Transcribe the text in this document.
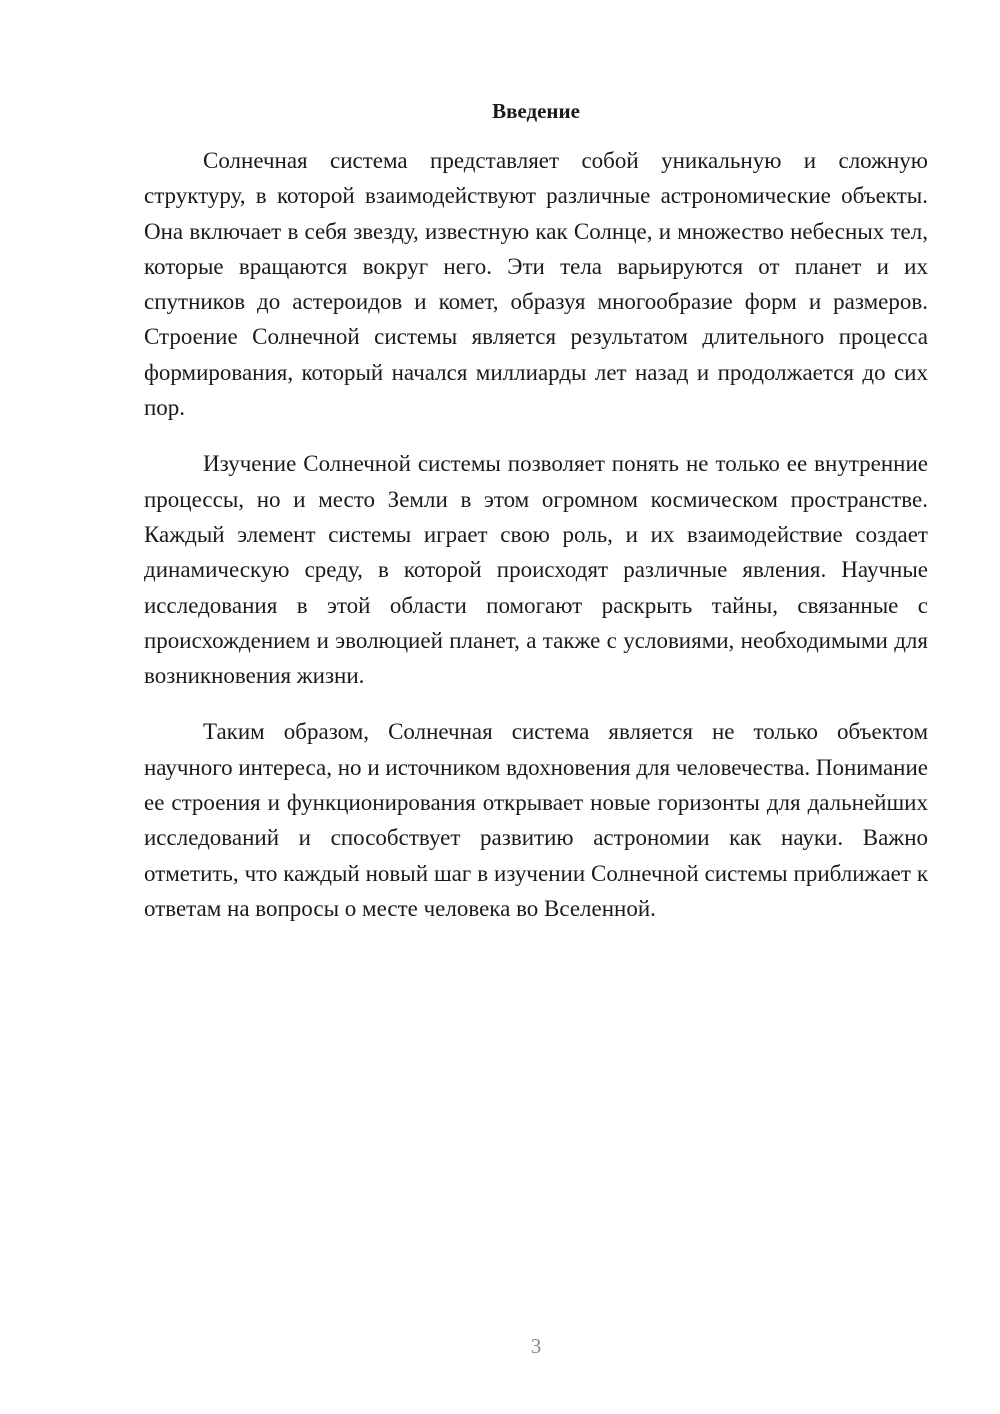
Введение

Солнечная система представляет собой уникальную и сложную структуру, в которой взаимодействуют различные астрономические объекты. Она включает в себя звезду, известную как Солнце, и множество небесных тел, которые вращаются вокруг него. Эти тела варьируются от планет и их спутников до астероидов и комет, образуя многообразие форм и размеров. Строение Солнечной системы является результатом длительного процесса формирования, который начался миллиарды лет назад и продолжается до сих пор.

Изучение Солнечной системы позволяет понять не только ее внутренние процессы, но и место Земли в этом огромном космическом пространстве. Каждый элемент системы играет свою роль, и их взаимодействие создает динамическую среду, в которой происходят различные явления. Научные исследования в этой области помогают раскрыть тайны, связанные с происхождением и эволюцией планет, а также с условиями, необходимыми для возникновения жизни.

Таким образом, Солнечная система является не только объектом научного интереса, но и источником вдохновения для человечества. Понимание ее строения и функционирования открывает новые горизонты для дальнейших исследований и способствует развитию астрономии как науки. Важно отметить, что каждый новый шаг в изучении Солнечной системы приближает к ответам на вопросы о месте человека во Вселенной.

3
